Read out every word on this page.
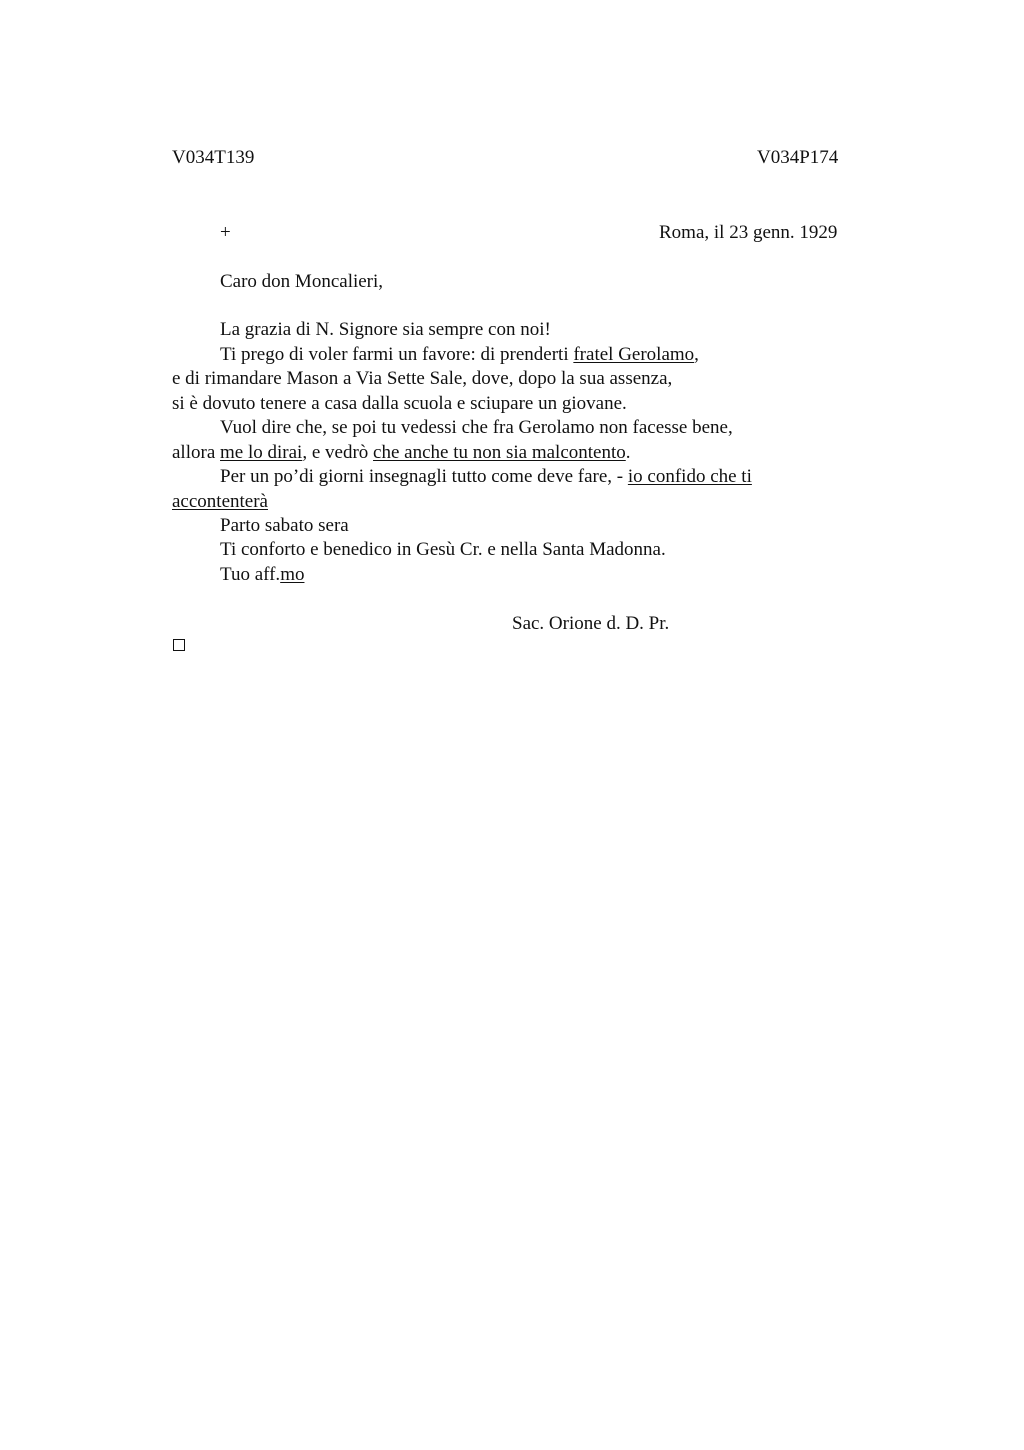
V034T139	V034P174
+	Roma, il 23 genn. 1929
Caro don Moncalieri,
La grazia di N. Signore sia sempre con noi!
Ti prego di voler farmi un favore: di prenderti fratel Gerolamo,
e di rimandare Mason a Via Sette Sale, dove, dopo la sua assenza,
si è dovuto tenere a casa dalla scuola e sciupare un giovane.
Vuol dire che, se poi tu vedessi che fra Gerolamo non facesse bene,
allora me lo dirai, e vedrò che anche tu non sia malcontento.
Per un po’di giorni insegnagli tutto come deve fare, - io confido che ti
accontenterà
Parto sabato sera
Ti conforto e benedico in Gesù Cr. e nella Santa Madonna.
Tuo aff.mo
Sac. Orione d. D. Pr.
